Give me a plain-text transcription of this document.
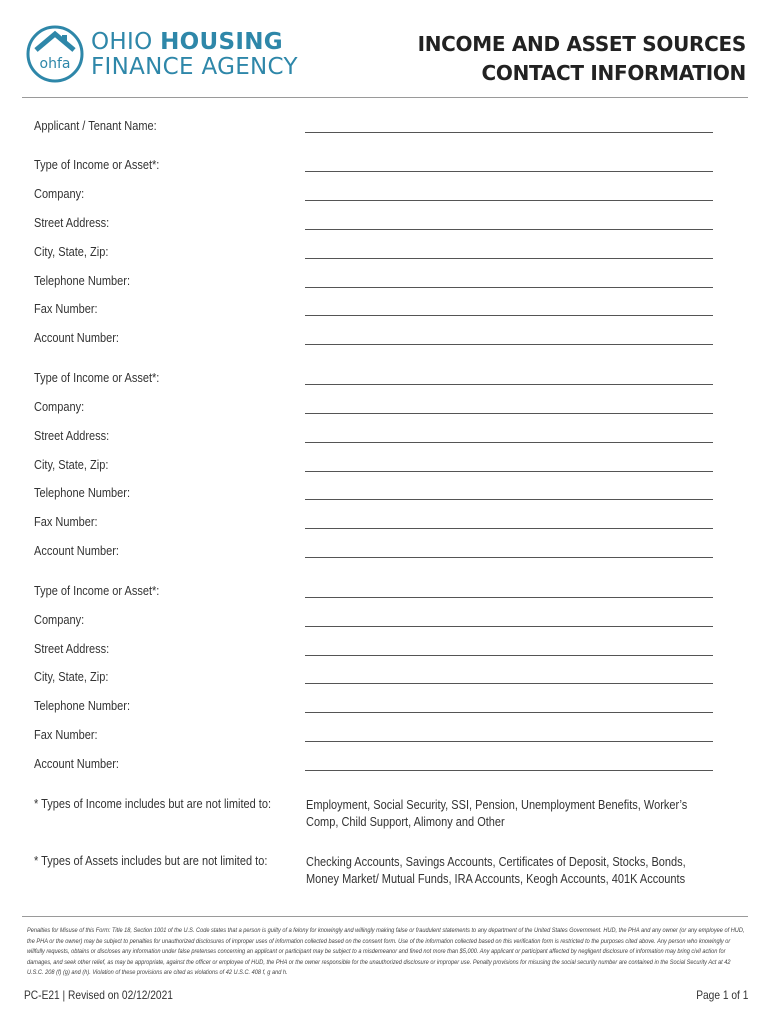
ohfa
OHIO HOUSING
FINANCE AGENCY
INCOME AND ASSET SOURCES
CONTACT INFORMATION
Applicant / Tenant Name:
Type of Income or Asset*:
Company:
Street Address:
City, State, Zip:
Telephone Number:
Fax Number:
Account Number:
Type of Income or Asset*:
Company:
Street Address:
City, State, Zip:
Telephone Number:
Fax Number:
Account Number:
Type of Income or Asset*:
Company:
Street Address:
City, State, Zip:
Telephone Number:
Fax Number:
Account Number:
* Types of Income includes but are not limited to:	Employment, Social Security, SSI, Pension, Unemployment Benefits, Worker’s Comp, Child Support, Alimony and Other
* Types of Assets includes but are not limited to:	Checking Accounts, Savings Accounts, Certificates of Deposit, Stocks, Bonds, Money Market/ Mutual Funds, IRA Accounts, Keogh Accounts, 401K Accounts
Penalties for Misuse of this Form: Title 18, Section 1001 of the U.S. Code states that a person is guilty of a felony for knowingly and willingly making false or fraudulent statements to any department of the United States Government. HUD, the PHA and any owner (or any employee of HUD, the PHA or the owner) may be subject to penalties for unauthorized disclosures of improper uses of information collected based on the consent form. Use of the information collected based on this verification form is restricted to the purposes cited above. Any person who knowingly or willfully requests, obtains or discloses any information under false pretenses concerning an applicant or participant may be subject to a misdemeanor and fined not more than $5,000. Any applicant or participant affected by negligent disclosure of information may bring civil action for damages, and seek other relief, as may be appropriate, against the officer or employee of HUD, the PHA or the owner responsible for the unauthorized disclosure or improper use. Penalty provisions for misusing the social security number are contained in the Social Security Act at 42 U.S.C. 208 (f) (g) and (h). Violation of these provisions are cited as violations of 42 U.S.C. 408 f, g and h.
PC-E21 | Revised on 02/12/2021	Page 1 of 1
